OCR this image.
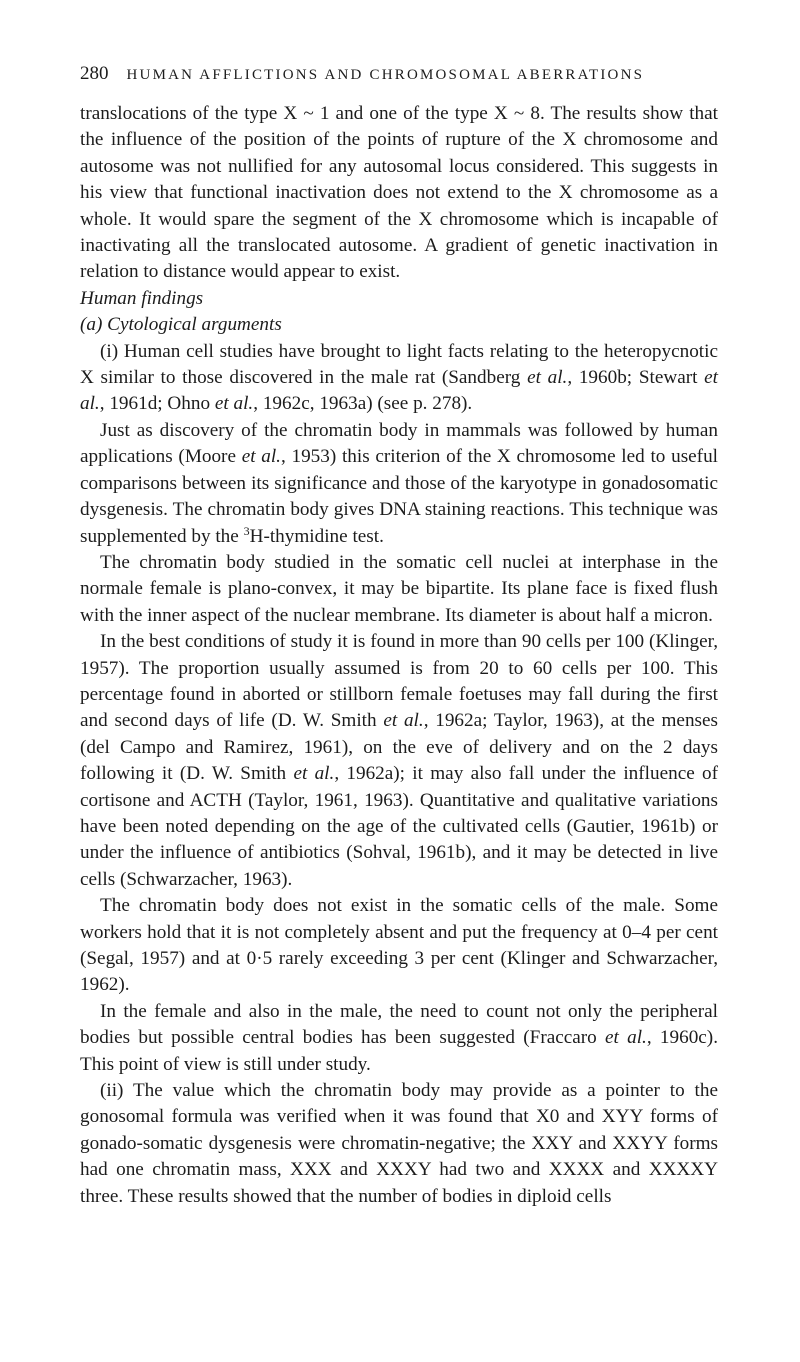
280 HUMAN AFFLICTIONS AND CHROMOSOMAL ABERRATIONS

translocations of the type X ~ 1 and one of the type X ~ 8. The results show that the influence of the position of the points of rupture of the X chromosome and autosome was not nullified for any autosomal locus considered. This suggests in his view that functional inactivation does not extend to the X chromosome as a whole. It would spare the segment of the X chromosome which is incapable of inactivating all the translocated autosome. A gradient of genetic inactivation in relation to distance would appear to exist.

Human findings

(a) Cytological arguments

(i) Human cell studies have brought to light facts relating to the heteropycnotic X similar to those discovered in the male rat (Sandberg et al., 1960b; Stewart et al., 1961d; Ohno et al., 1962c, 1963a) (see p. 278).

Just as discovery of the chromatin body in mammals was followed by human applications (Moore et al., 1953) this criterion of the X chromosome led to useful comparisons between its significance and those of the karyotype in gonadosomatic dysgenesis. The chromatin body gives DNA staining reactions. This technique was supplemented by the $^3$H-thymidine test.

The chromatin body studied in the somatic cell nuclei at interphase in the normale female is plano-convex, it may be bipartite. Its plane face is fixed flush with the inner aspect of the nuclear membrane. Its diameter is about half a micron.

In the best conditions of study it is found in more than 90 cells per 100 (Klinger, 1957). The proportion usually assumed is from 20 to 60 cells per 100. This percentage found in aborted or stillborn female foetuses may fall during the first and second days of life (D. W. Smith et al., 1962a; Taylor, 1963), at the menses (del Campo and Ramirez, 1961), on the eve of delivery and on the 2 days following it (D. W. Smith et al., 1962a); it may also fall under the influence of cortisone and ACTH (Taylor, 1961, 1963). Quantitative and qualitative variations have been noted depending on the age of the cultivated cells (Gautier, 1961b) or under the influence of antibiotics (Sohval, 1961b), and it may be detected in live cells (Schwarzacher, 1963).

The chromatin body does not exist in the somatic cells of the male. Some workers hold that it is not completely absent and put the frequency at 0–4 per cent (Segal, 1957) and at 0·5 rarely exceeding 3 per cent (Klinger and Schwarzacher, 1962).

In the female and also in the male, the need to count not only the peripheral bodies but possible central bodies has been suggested (Fraccaro et al., 1960c). This point of view is still under study.

(ii) The value which the chromatin body may provide as a pointer to the gonosomal formula was verified when it was found that X0 and XYY forms of gonado-somatic dysgenesis were chromatin-negative; the XXY and XXYY forms had one chromatin mass, XXX and XXXY had two and XXXX and XXXXY three. These results showed that the number of bodies in diploid cells
